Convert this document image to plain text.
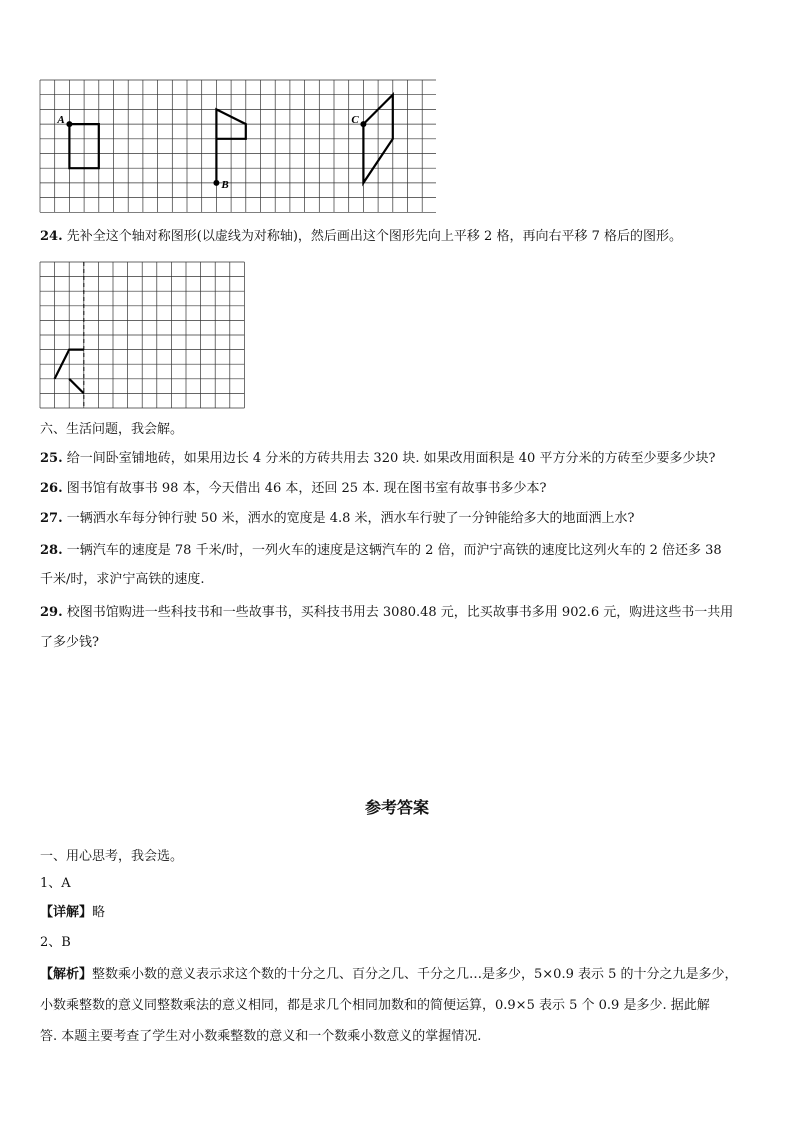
A
B
C
24. 先补全这个轴对称图形(以虚线为对称轴)，然后画出这个图形先向上平移 2 格，再向右平移 7 格后的图形。
六、生活问题，我会解。
25. 给一间卧室铺地砖，如果用边长 4 分米的方砖共用去 320 块. 如果改用面积是 40 平方分米的方砖至少要多少块?
26. 图书馆有故事书 98 本，今天借出 46 本，还回 25 本. 现在图书室有故事书多少本?
27. 一辆洒水车每分钟行驶 50 米，洒水的宽度是 4.8 米，洒水车行驶了一分钟能给多大的地面洒上水?
28. 一辆汽车的速度是 78 千米/时，一列火车的速度是这辆汽车的 2 倍，而沪宁高铁的速度比这列火车的 2 倍还多 38
千米/时，求沪宁高铁的速度.
29. 校图书馆购进一些科技书和一些故事书，买科技书用去 3080.48 元，比买故事书多用 902.6 元，购进这些书一共用
了多少钱?
参考答案
一、用心思考，我会选。
1、A
【详解】略
2、B
【解析】整数乘小数的意义表示求这个数的十分之几、百分之几、千分之几…是多少，5×0.9 表示 5 的十分之九是多少，
小数乘整数的意义同整数乘法的意义相同，都是求几个相同加数和的简便运算，0.9×5 表示 5 个 0.9 是多少. 据此解
答. 本题主要考查了学生对小数乘整数的意义和一个数乘小数意义的掌握情况.
